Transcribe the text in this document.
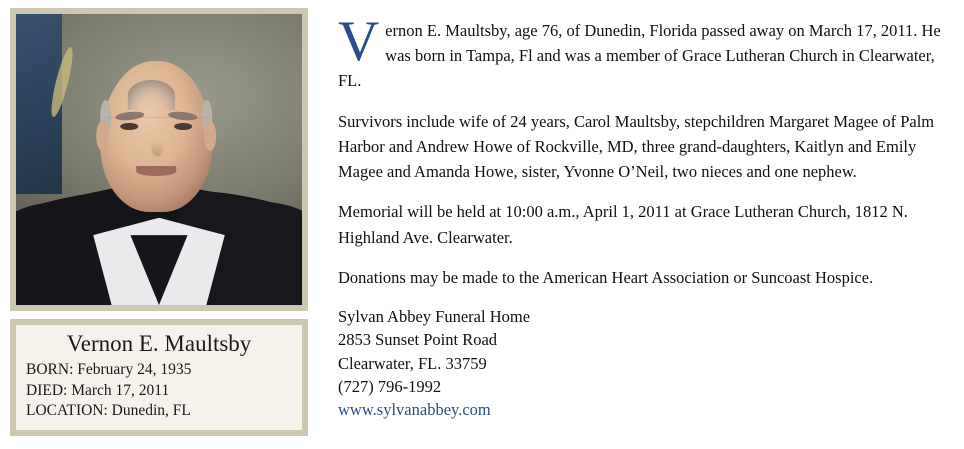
Vernon E. Maultsby
BORN: February 24, 1935
DIED: March 17, 2011
LOCATION: Dunedin, FL

Vernon E. Maultsby, age 76, of Dunedin, Florida passed away on March 17, 2011. He was born in Tampa, Fl and was a member of Grace Lutheran Church in Clearwater, FL.

Survivors include wife of 24 years, Carol Maultsby, stepchildren Margaret Magee of Palm Harbor and Andrew Howe of Rockville, MD, three grand-daughters, Kaitlyn and Emily Magee and Amanda Howe, sister, Yvonne O’Neil, two nieces and one nephew.

Memorial will be held at 10:00 a.m., April 1, 2011 at Grace Lutheran Church, 1812 N. Highland Ave. Clearwater.

Donations may be made to the American Heart Association or Suncoast Hospice.

Sylvan Abbey Funeral Home
2853 Sunset Point Road
Clearwater, FL. 33759
(727) 796-1992
www.sylvanabbey.com
